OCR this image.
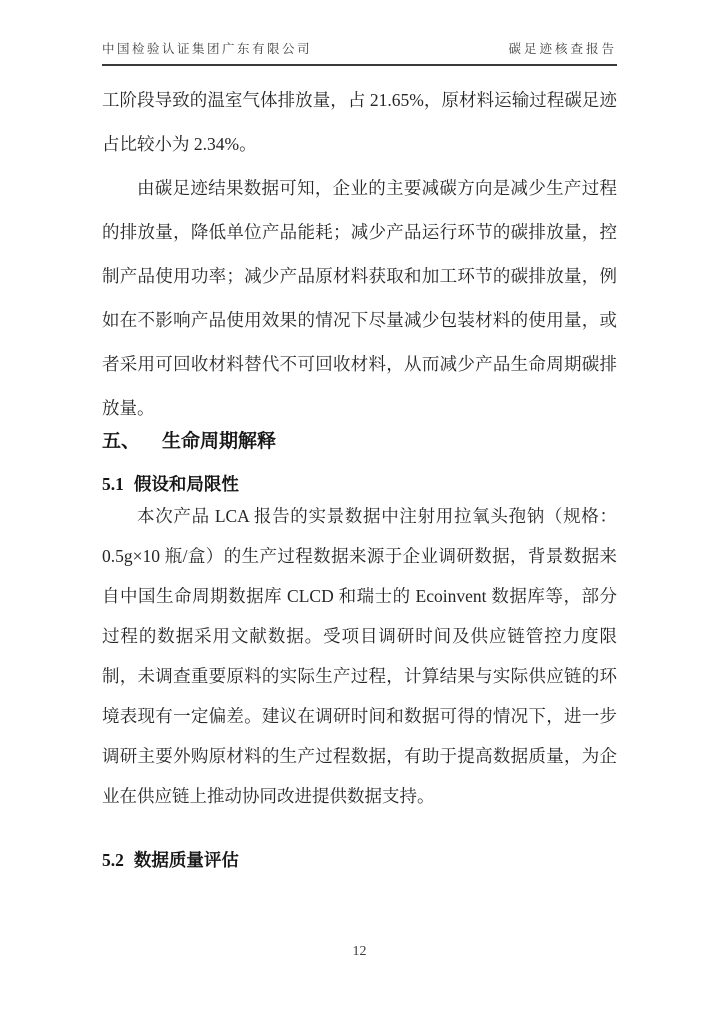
中国检验认证集团广东有限公司	碳足迹核查报告

工阶段导致的温室气体排放量，占 21.65%，原材料运输过程碳足迹占比较小为 2.34%。

由碳足迹结果数据可知，企业的主要减碳方向是减少生产过程的排放量，降低单位产品能耗；减少产品运行环节的碳排放量，控制产品使用功率；减少产品原材料获取和加工环节的碳排放量，例如在不影响产品使用效果的情况下尽量减少包装材料的使用量，或者采用可回收材料替代不可回收材料，从而减少产品生命周期碳排放量。

五、 生命周期解释
5.1 假设和局限性

本次产品 LCA 报告的实景数据中注射用拉氧头孢钠（规格：0.5g×10 瓶/盒）的生产过程数据来源于企业调研数据，背景数据来自中国生命周期数据库 CLCD 和瑞士的 Ecoinvent 数据库等，部分过程的数据采用文献数据。受项目调研时间及供应链管控力度限制，未调查重要原料的实际生产过程，计算结果与实际供应链的环境表现有一定偏差。建议在调研时间和数据可得的情况下，进一步调研主要外购原材料的生产过程数据，有助于提高数据质量，为企业在供应链上推动协同改进提供数据支持。

5.2 数据质量评估
12
